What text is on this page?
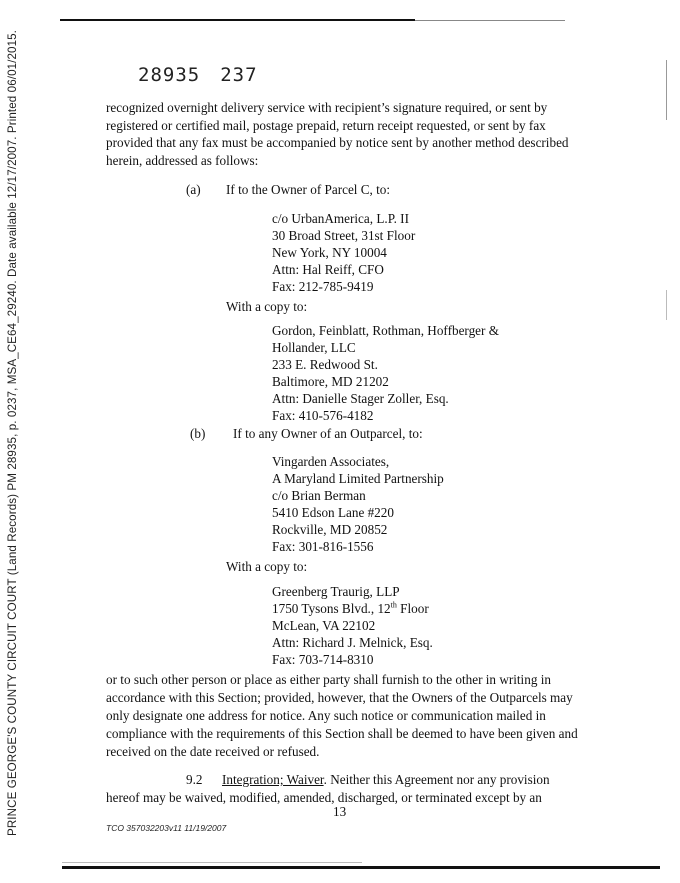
PRINCE GEORGE'S COUNTY CIRCUIT COURT (Land Records) PM 28935, p. 0237, MSA_CE64_29240. Date available 12/17/2007. Printed 06/01/2015.	28935 237
recognized overnight delivery service with recipient’s signature required, or sent by
registered or certified mail, postage prepaid, return receipt requested, or sent by fax
provided that any fax must be accompanied by notice sent by another method described
herein, addressed as follows:
(a) If to the Owner of Parcel C, to:
c/o UrbanAmerica, L.P. II
30 Broad Street, 31st Floor
New York, NY 10004
Attn: Hal Reiff, CFO
Fax: 212-785-9419
With a copy to:
Gordon, Feinblatt, Rothman, Hoffberger &
Hollander, LLC
233 E. Redwood St.
Baltimore, MD 21202
Attn: Danielle Stager Zoller, Esq.
Fax: 410-576-4182
(b) If to any Owner of an Outparcel, to:
Vingarden Associates,
A Maryland Limited Partnership
c/o Brian Berman
5410 Edson Lane #220
Rockville, MD 20852
Fax: 301-816-1556
With a copy to:
Greenberg Traurig, LLP
1750 Tysons Blvd., 12th Floor
McLean, VA 22102
Attn: Richard J. Melnick, Esq.
Fax: 703-714-8310
or to such other person or place as either party shall furnish to the other in writing in
accordance with this Section; provided, however, that the Owners of the Outparcels may
only designate one address for notice. Any such notice or communication mailed in
compliance with the requirements of this Section shall be deemed to have been given and
received on the date received or refused.
9.2 Integration; Waiver. Neither this Agreement nor any provision
hereof may be waived, modified, amended, discharged, or terminated except by an
13
TCO 357032203v11 11/19/2007
